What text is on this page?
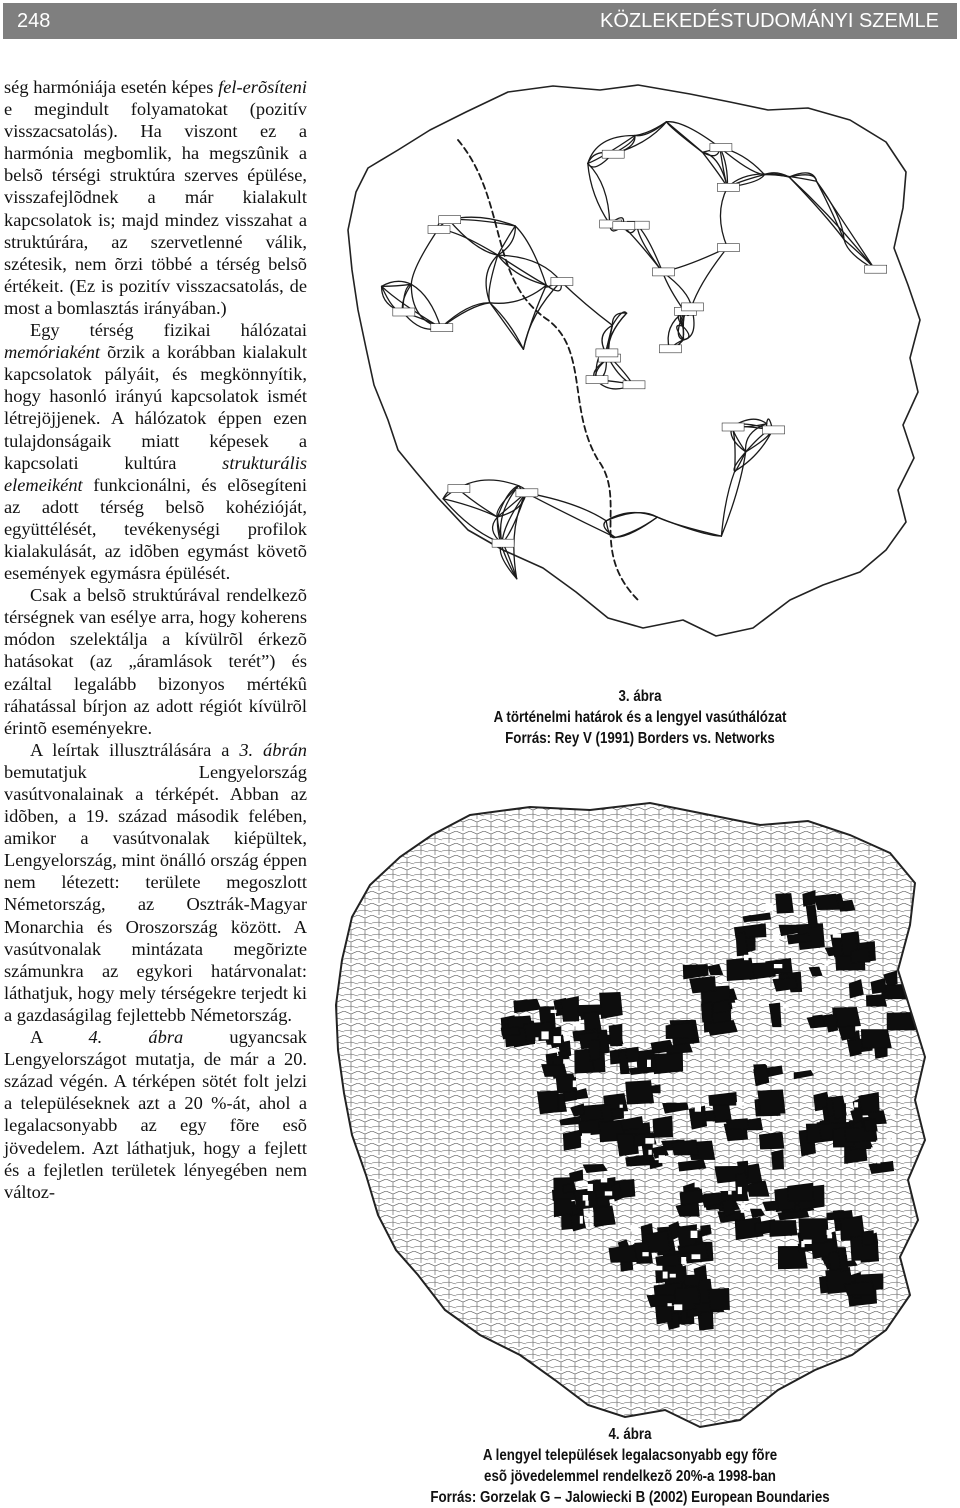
248	KÖZLEKEDÉSTUDOMÁNYI SZEMLE

ség harmóniája esetén képes fel-erõsíteni e megindult folyamatokat (pozitív visszacsatolás). Ha viszont ez a harmónia megbomlik, ha megszûnik a belsõ térségi struktúra szerves épülése, visszafejlõdnek a már kialakult kapcsolatok is; majd mindez visszahat a struktúrára, az szervetlenné válik, szétesik, nem õrzi többé a térség belsõ értékeit. (Ez is pozitív visszacsatolás, de most a bomlasztás irányában.)

Egy térség fizikai hálózatai memóriaként õrzik a korábban kialakult kapcsolatok pályáit, és megkönnyítik, hogy hasonló irányú kapcsolatok ismét létrejöjjenek. A hálózatok éppen ezen tulajdonságaik miatt képesek a kapcsolati kultúra strukturális elemeiként funkcionálni, és elõsegíteni az adott térség belsõ kohézióját, együttélését, tevékenységi profilok kialakulását, az idõben egymást követõ események egymásra épülését.

Csak a belsõ struktúrával rendelkezõ térségnek van esélye arra, hogy koherens módon szelektálja a kívülrõl érkezõ hatásokat (az „áramlások terét”) és ezáltal legalább bizonyos mértékû ráhatással bírjon az adott régiót kívülrõl érintõ eseményekre.

A leírtak illusztrálására a 3. ábrán bemutatjuk Lengyelország vasútvonalainak a térképét. Abban az idõben, a 19. század második felében, amikor a vasútvonalak kiépültek, Lengyelország, mint önálló ország éppen nem létezett: területe megoszlott Németország, az Osztrák-Magyar Monarchia és Oroszország között. A vasútvonalak mintázata megõrizte számunkra az egykori határvonalat: láthatjuk, hogy mely térségekre terjedt ki a gazdaságilag fejlettebb Németország.

A 4. ábra ugyancsak Lengyelországot mutatja, de már a 20. század végén. A térképen sötét folt jelzi a településeknek azt a 20 %-át, ahol a legalacsonyabb az egy fõre esõ jövedelem. Azt láthatjuk, hogy a fejlett és a fejletlen területek lényegében nem változ-

3. ábra
A történelmi határok és a lengyel vasúthálózat
Forrás: Rey V (1991) Borders vs. Networks
4. ábra
A lengyel települések legalacsonyabb egy fõre
esõ jövedelemmel rendelkezõ 20%-a 1998-ban
Forrás: Gorzelak G – Jalowiecki B (2002) European Boundaries
